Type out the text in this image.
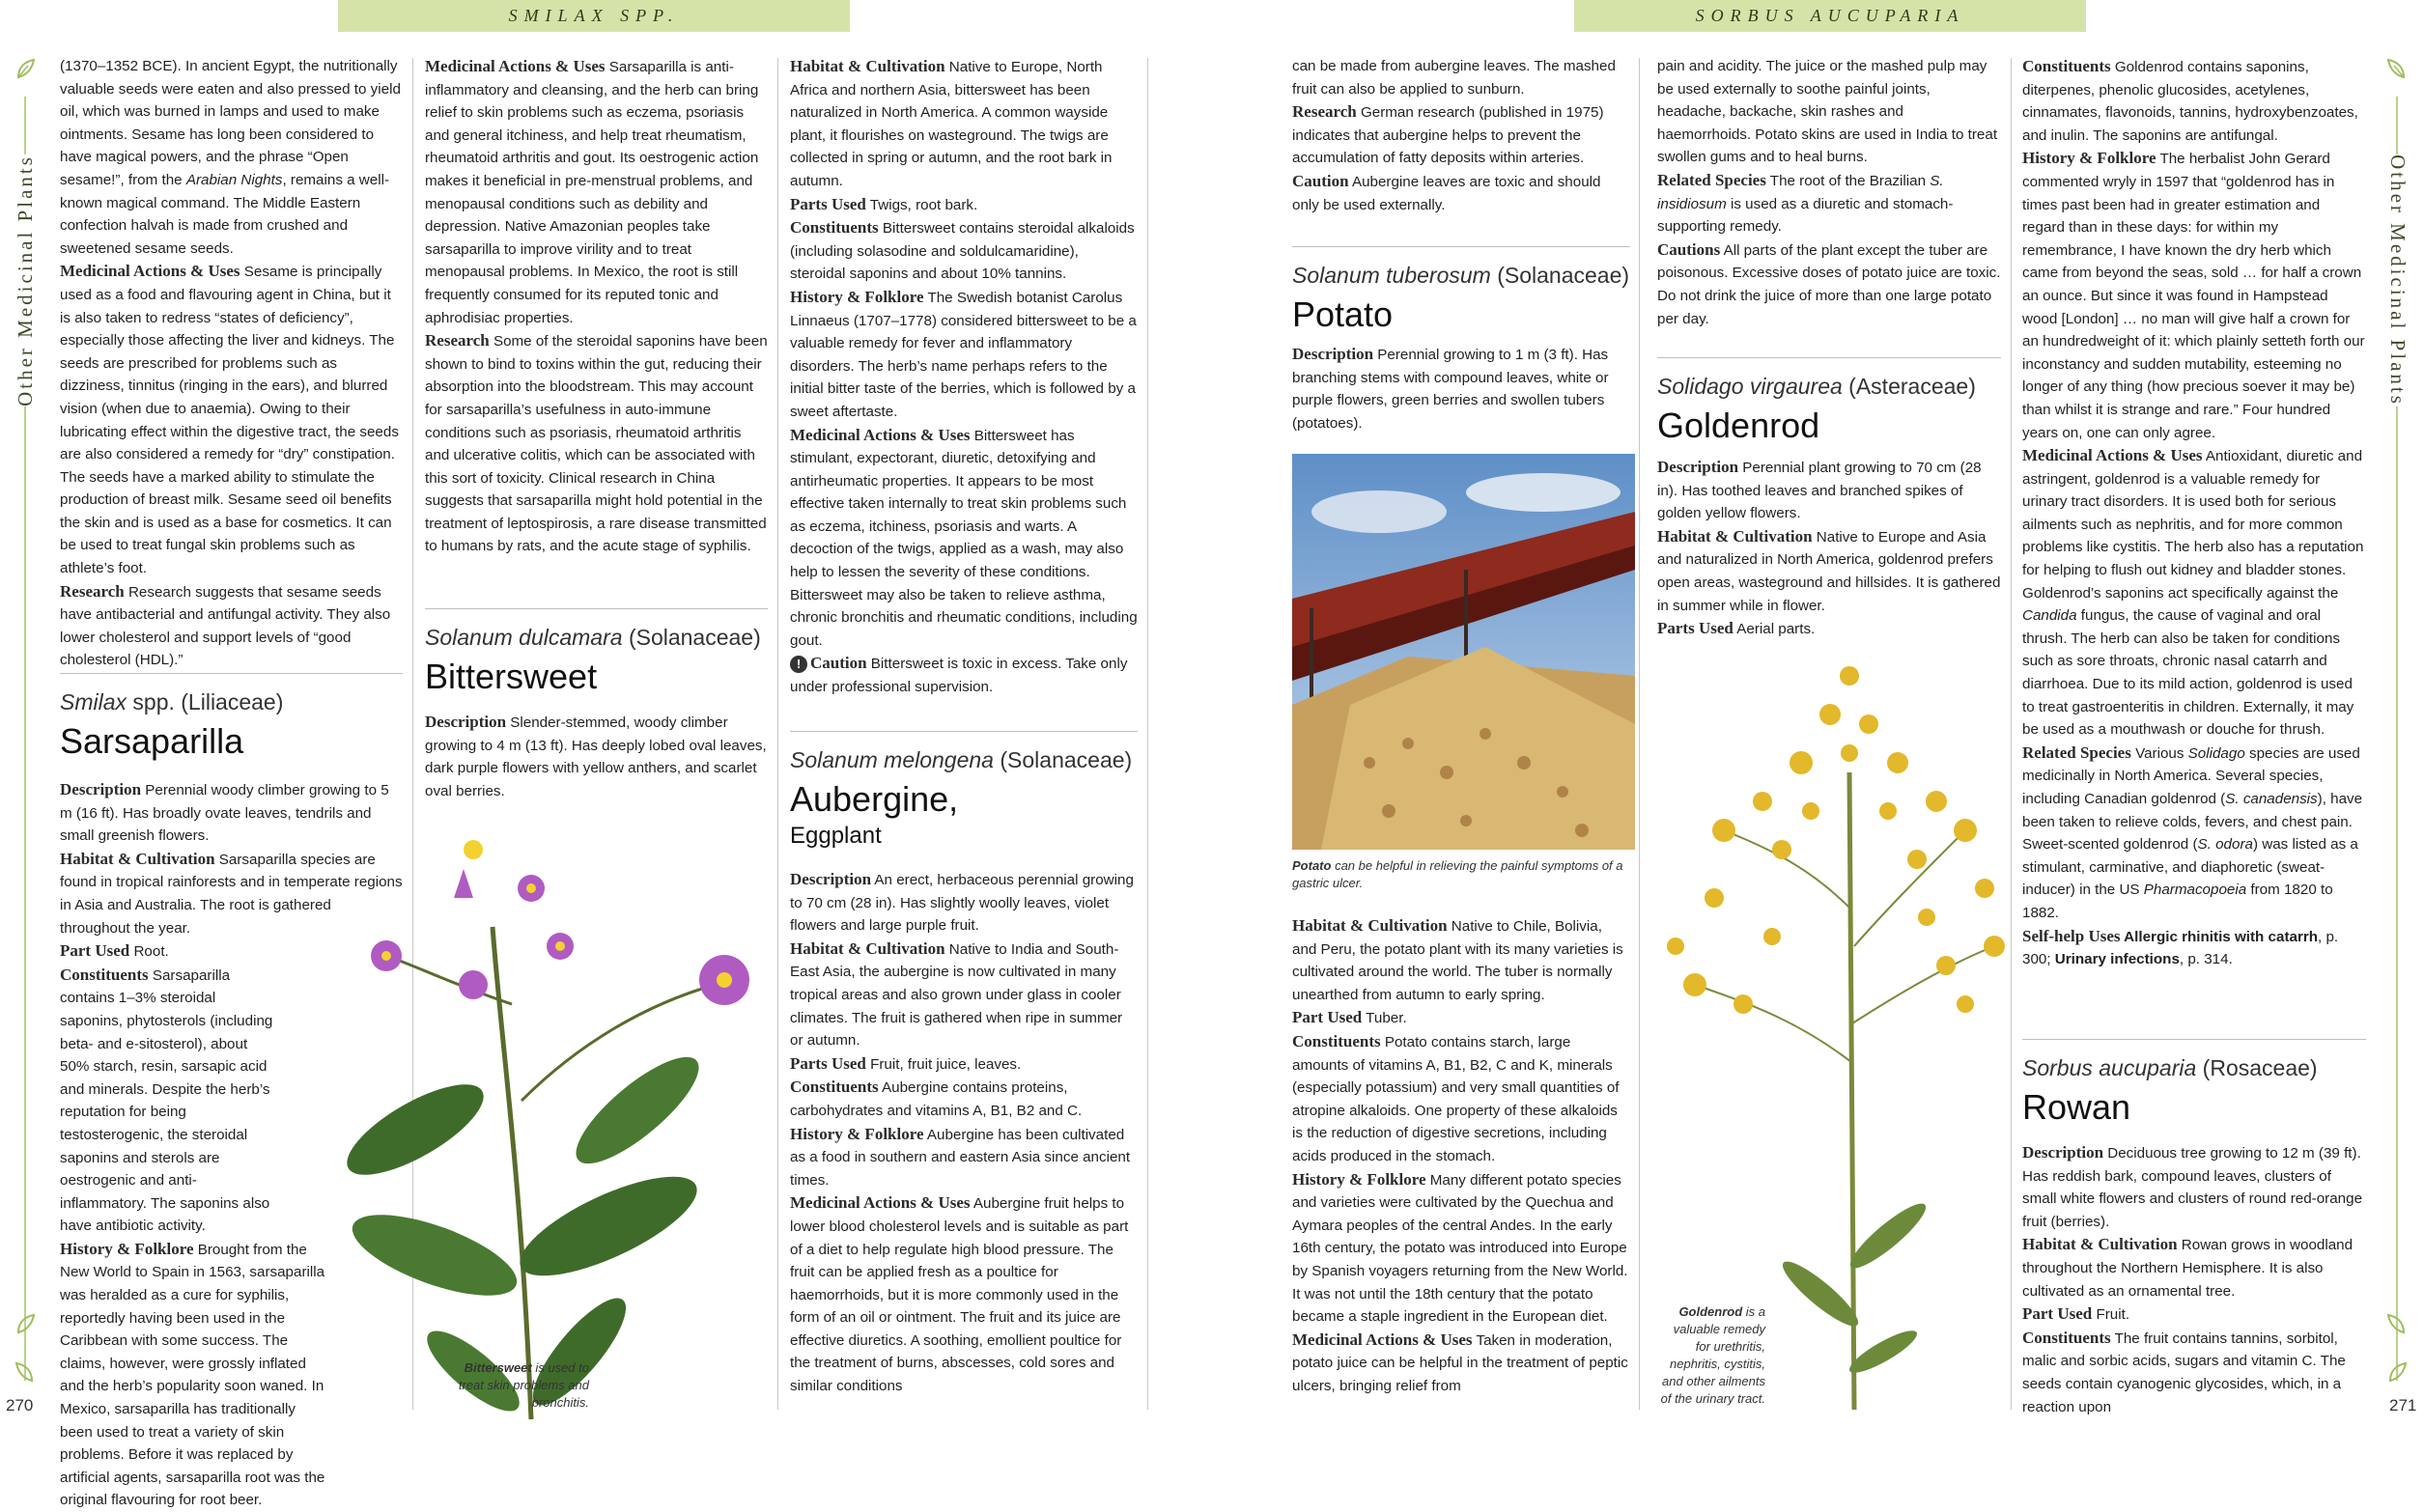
SMILAX SPP.	SORBUS AUCUPARIA
Other Medicinal Plants	Other Medicinal Plants
270	271

(1370–1352 BCE). In ancient Egypt, the nutritionally valuable seeds were eaten and also pressed to yield oil, which was burned in lamps and used to make ointments. Sesame has long been considered to have magical powers, and the phrase “Open sesame!”, from the Arabian Nights, remains a well-known magical command. The Middle Eastern confection halvah is made from crushed and sweetened sesame seeds.

Medicinal Actions & Uses Sesame is principally used as a food and flavouring agent in China, but it is also taken to redress “states of deficiency”, especially those affecting the liver and kidneys. The seeds are prescribed for problems such as dizziness, tinnitus (ringing in the ears), and blurred vision (when due to anaemia). Owing to their lubricating effect within the digestive tract, the seeds are also considered a remedy for “dry” constipation. The seeds have a marked ability to stimulate the production of breast milk. Sesame seed oil benefits the skin and is used as a base for cosmetics. It can be used to treat fungal skin problems such as athlete’s foot.

Research Research suggests that sesame seeds have antibacterial and antifungal activity. They also lower cholesterol and support levels of “good cholesterol (HDL).”

Smilax spp. (Liliaceae)
Sarsaparilla

Description Perennial woody climber growing to 5 m (16 ft). Has broadly ovate leaves, tendrils and small greenish flowers.

Habitat & Cultivation Sarsaparilla species are found in tropical rainforests and in temperate regions in Asia and Australia. The root is gathered throughout the year.

Part Used Root.

Constituents Sarsaparilla contains 1–3% steroidal saponins, phytosterols (including beta- and e-sitosterol), about 50% starch, resin, sarsapic acid and minerals. Despite the herb’s reputation for being testosterogenic, the steroidal saponins and sterols are oestrogenic and anti-inflammatory. The saponins also have antibiotic activity.

History & Folklore Brought from the New World to Spain in 1563, sarsaparilla was heralded as a cure for syphilis, reportedly having been used in the Caribbean with some success. The claims, however, were grossly inflated and the herb’s popularity soon waned. In Mexico, sarsaparilla has traditionally been used to treat a variety of skin problems. Before it was replaced by artificial agents, sarsaparilla root was the original flavouring for root beer.

Medicinal Actions & Uses Sarsaparilla is anti-inflammatory and cleansing, and the herb can bring relief to skin problems such as eczema, psoriasis and general itchiness, and help treat rheumatism, rheumatoid arthritis and gout. Its oestrogenic action makes it beneficial in pre-menstrual problems, and menopausal conditions such as debility and depression. Native Amazonian peoples take sarsaparilla to improve virility and to treat menopausal problems. In Mexico, the root is still frequently consumed for its reputed tonic and aphrodisiac properties.

Research Some of the steroidal saponins have been shown to bind to toxins within the gut, reducing their absorption into the bloodstream. This may account for sarsaparilla’s usefulness in auto-immune conditions such as psoriasis, rheumatoid arthritis and ulcerative colitis, which can be associated with this sort of toxicity. Clinical research in China suggests that sarsaparilla might hold potential in the treatment of leptospirosis, a rare disease transmitted to humans by rats, and the acute stage of syphilis.

Solanum dulcamara (Solanaceae)
Bittersweet

Description Slender-stemmed, woody climber growing to 4 m (13 ft). Has deeply lobed oval leaves, dark purple flowers with yellow anthers, and scarlet oval berries.

Bittersweet is used to treat skin problems and bronchitis.

Habitat & Cultivation Native to Europe, North Africa and northern Asia, bittersweet has been naturalized in North America. A common wayside plant, it flourishes on wasteground. The twigs are collected in spring or autumn, and the root bark in autumn.

Parts Used Twigs, root bark.

Constituents Bittersweet contains steroidal alkaloids (including solasodine and soldulcamaridine), steroidal saponins and about 10% tannins.

History & Folklore The Swedish botanist Carolus Linnaeus (1707–1778) considered bittersweet to be a valuable remedy for fever and inflammatory disorders. The herb’s name perhaps refers to the initial bitter taste of the berries, which is followed by a sweet aftertaste.

Medicinal Actions & Uses Bittersweet has stimulant, expectorant, diuretic, detoxifying and antirheumatic properties. It appears to be most effective taken internally to treat skin problems such as eczema, itchiness, psoriasis and warts. A decoction of the twigs, applied as a wash, may also help to lessen the severity of these conditions. Bittersweet may also be taken to relieve asthma, chronic bronchitis and rheumatic conditions, including gout.

! Caution Bittersweet is toxic in excess. Take only under professional supervision.

Solanum melongena (Solanaceae)
Aubergine,
Eggplant

Description An erect, herbaceous perennial growing to 70 cm (28 in). Has slightly woolly leaves, violet flowers and large purple fruit.

Habitat & Cultivation Native to India and South-East Asia, the aubergine is now cultivated in many tropical areas and also grown under glass in cooler climates. The fruit is gathered when ripe in summer or autumn.

Parts Used Fruit, fruit juice, leaves.

Constituents Aubergine contains proteins, carbohydrates and vitamins A, B1, B2 and C.

History & Folklore Aubergine has been cultivated as a food in southern and eastern Asia since ancient times.

Medicinal Actions & Uses Aubergine fruit helps to lower blood cholesterol levels and is suitable as part of a diet to help regulate high blood pressure. The fruit can be applied fresh as a poultice for haemorrhoids, but it is more commonly used in the form of an oil or ointment. The fruit and its juice are effective diuretics. A soothing, emollient poultice for the treatment of burns, abscesses, cold sores and similar conditions

can be made from aubergine leaves. The mashed fruit can also be applied to sunburn.

Research German research (published in 1975) indicates that aubergine helps to prevent the accumulation of fatty deposits within arteries.

Caution Aubergine leaves are toxic and should only be used externally.

Solanum tuberosum (Solanaceae)
Potato

Description Perennial growing to 1 m (3 ft). Has branching stems with compound leaves, white or purple flowers, green berries and swollen tubers (potatoes).

Potato can be helpful in relieving the painful symptoms of a gastric ulcer.

Habitat & Cultivation Native to Chile, Bolivia, and Peru, the potato plant with its many varieties is cultivated around the world. The tuber is normally unearthed from autumn to early spring.

Part Used Tuber.

Constituents Potato contains starch, large amounts of vitamins A, B1, B2, C and K, minerals (especially potassium) and very small quantities of atropine alkaloids. One property of these alkaloids is the reduction of digestive secretions, including acids produced in the stomach.

History & Folklore Many different potato species and varieties were cultivated by the Quechua and Aymara peoples of the central Andes. In the early 16th century, the potato was introduced into Europe by Spanish voyagers returning from the New World. It was not until the 18th century that the potato became a staple ingredient in the European diet.

Medicinal Actions & Uses Taken in moderation, potato juice can be helpful in the treatment of peptic ulcers, bringing relief from

pain and acidity. The juice or the mashed pulp may be used externally to soothe painful joints, headache, backache, skin rashes and haemorrhoids. Potato skins are used in India to treat swollen gums and to heal burns.

Related Species The root of the Brazilian S. insidiosum is used as a diuretic and stomach-supporting remedy.

Cautions All parts of the plant except the tuber are poisonous. Excessive doses of potato juice are toxic. Do not drink the juice of more than one large potato per day.

Solidago virgaurea (Asteraceae)
Goldenrod

Description Perennial plant growing to 70 cm (28 in). Has toothed leaves and branched spikes of golden yellow flowers.

Habitat & Cultivation Native to Europe and Asia and naturalized in North America, goldenrod prefers open areas, wasteground and hillsides. It is gathered in summer while in flower.

Parts Used Aerial parts.

Goldenrod is a valuable remedy for urethritis, nephritis, cystitis, and other ailments of the urinary tract.

Constituents Goldenrod contains saponins, diterpenes, phenolic glucosides, acetylenes, cinnamates, flavonoids, tannins, hydroxybenzoates, and inulin. The saponins are antifungal.

History & Folklore The herbalist John Gerard commented wryly in 1597 that “goldenrod has in times past been had in greater estimation and regard than in these days: for within my remembrance, I have known the dry herb which came from beyond the seas, sold … for half a crown an ounce. But since it was found in Hampstead wood [London] … no man will give half a crown for an hundredweight of it: which plainly setteth forth our inconstancy and sudden mutability, esteeming no longer of any thing (how precious soever it may be) than whilst it is strange and rare.” Four hundred years on, one can only agree.

Medicinal Actions & Uses Antioxidant, diuretic and astringent, goldenrod is a valuable remedy for urinary tract disorders. It is used both for serious ailments such as nephritis, and for more common problems like cystitis. The herb also has a reputation for helping to flush out kidney and bladder stones. Goldenrod’s saponins act specifically against the Candida fungus, the cause of vaginal and oral thrush. The herb can also be taken for conditions such as sore throats, chronic nasal catarrh and diarrhoea. Due to its mild action, goldenrod is used to treat gastroenteritis in children. Externally, it may be used as a mouthwash or douche for thrush.

Related Species Various Solidago species are used medicinally in North America. Several species, including Canadian goldenrod (S. canadensis), have been taken to relieve colds, fevers, and chest pain. Sweet-scented goldenrod (S. odora) was listed as a stimulant, carminative, and diaphoretic (sweat-inducer) in the US Pharmacopoeia from 1820 to 1882.

Self-help Uses Allergic rhinitis with catarrh, p. 300; Urinary infections, p. 314.

Sorbus aucuparia (Rosaceae)
Rowan

Description Deciduous tree growing to 12 m (39 ft). Has reddish bark, compound leaves, clusters of small white flowers and clusters of round red-orange fruit (berries).

Habitat & Cultivation Rowan grows in woodland throughout the Northern Hemisphere. It is also cultivated as an ornamental tree.

Part Used Fruit.

Constituents The fruit contains tannins, sorbitol, malic and sorbic acids, sugars and vitamin C. The seeds contain cyanogenic glycosides, which, in a reaction upon
